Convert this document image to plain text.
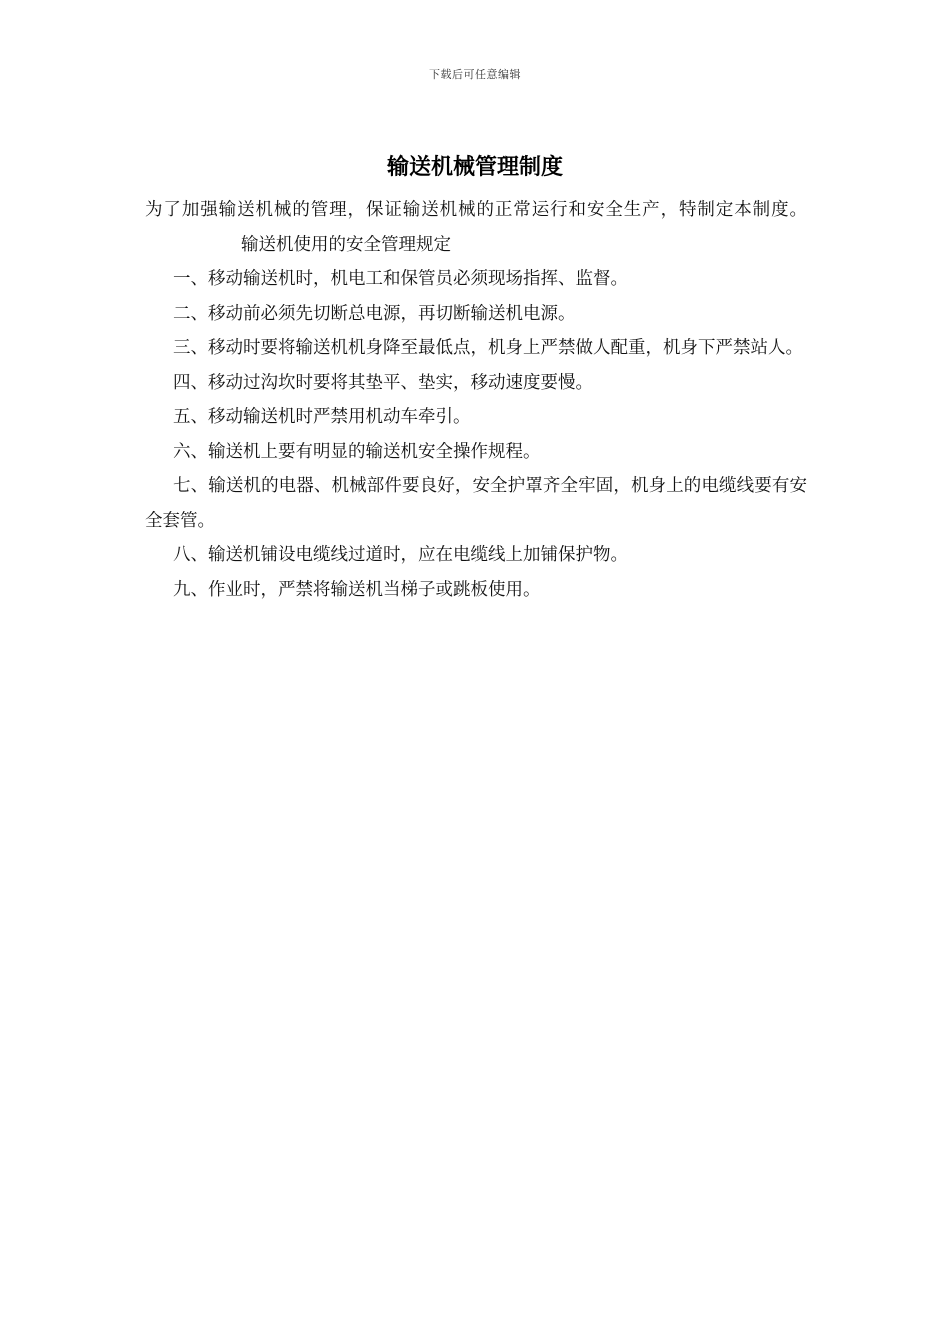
下载后可任意编辑
输送机械管理制度

为了加强输送机械的管理，保证输送机械的正常运行和安全生产，特制定本制度。输送机使用的安全管理规定

一、移动输送机时，机电工和保管员必须现场指挥、监督。

二、移动前必须先切断总电源，再切断输送机电源。

三、移动时要将输送机机身降至最低点，机身上严禁做人配重，机身下严禁站人。

四、移动过沟坎时要将其垫平、垫实，移动速度要慢。

五、移动输送机时严禁用机动车牵引。

六、输送机上要有明显的输送机安全操作规程。

七、输送机的电器、机械部件要良好，安全护罩齐全牢固，机身上的电缆线要有安全套管。

八、输送机铺设电缆线过道时，应在电缆线上加铺保护物。

九、作业时，严禁将输送机当梯子或跳板使用。
